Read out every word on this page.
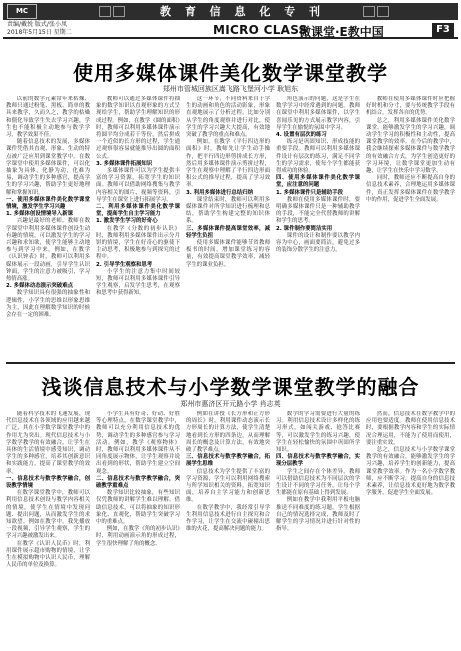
MC	教 育 信 息 化 专 刊
责编/戴悦 版式/张小凤
2018年5月15日 星期二	MICRO CLASS
微课堂·E教中国	F3
使用多媒体课件美化数学课堂教学
郑州市管城回族区嵩飞路飞堡河小学 耿旭东

以前的数学元素常年来枯燥、教师只通过粉笔、黑板、简单的教具来教学，久而久之，教学的枯燥和僵化导致学生失去学习兴趣，学生也不能积极主动地参与数学学习，教学效果不佳。

随着信息技术的发展，多媒体课件凭借其直观、形象、生动的特点被广泛应用到课堂教学中。在数学课堂中使用多媒体课件，可以化抽象为具体，化静为动，化难为易，调动学生的多种感官，提高学生的学习兴趣，帮助学生更好地理解和掌握知识。

一、使用多媒体课件美化数学课堂情境，激发学生学习兴趣

1. 多媒体创设情境导入新课

兴趣是最好的老师。教师在数学课堂中利用多媒体课件创设生动有趣的情境，可以激发学生的学习兴趣和求知欲，使学生能够主动地参与到学习中来。例如，在教学《认识钟表》时，教师可以利用多媒体展示一段动画，引导学生认识钟面，学生的注意力被吸引，学习热情高涨。

2. 多媒体动态演示突破难点

数学知识具有很强的抽象性和逻辑性，小学生的思维以形象思维为主，因此在理解数学知识的时候会存在一定的困难。

教师可以通过多媒体课件将抽象的数学知识以直观形象的方式呈现给学生，帮助学生理解知识的形成过程。例如，在教学《圆的面积》时，教师可以利用多媒体课件演示将圆平均分成若干等份，然后拼成一个近似的长方形的过程，学生通过观察很容易就能推导出圆的面积公式。

3. 多媒体课件拓展知识

多媒体课件可以为学生提供丰富的学习资源，拓宽学生的知识面。教师可以借助网络搜集与教学内容相关的图片、视频等资料，引导学生在课堂上进行拓展学习。

二、利用多媒体课件美化数学课堂，提高学生自主学习能力

1. 激发学生学习的好奇心

在教学《分数的初步认识》时，教师利用多媒体课件出示分月饼的情境，学生在好奇心的驱使下主动思考，积极地参与到探究的过程中。

2. 引导学生观察和思考

小学生的注意力集中时间较短，教师可以利用多媒体课件引导学生观察，启发学生思考，在观察和思考中获得新知。

这一环节，不同资料来自于学生的动画和角色的活动影象，形象直观地展示了分析过程，比如分别从学生的角度观察并进行对比，使学生的学习兴趣大大提高，有效地突破了教学的重点和难点。

例如，在教学《平行四边形的面积》时，教师先让学生动手操作，把平行四边形剪拼成长方形，然后用多媒体课件演示剪拼过程，学生在观察中理解了平行四边形面积公式的推导过程，提高了学习效率。

3. 利用多媒体进行总结归纳

课堂结束时，教师可以利用多媒体课件对所学知识进行梳理和总结，帮助学生构建完整的知识体系。

三、多媒体课件提高课堂效率，减轻学生负担

使用多媒体课件能够节省教师板书的时间，增加课堂练习的容量，有效提高课堂教学效率，减轻学生的课业负担。

角色演示的问题，这是学生在数学学习中经常遇到的问题。教师在课堂中利用多媒体课件，以学生喜闻乐见的方式展示教学内容，引导学生在愉悦的氛围中学习。

4. 设置有层次的练习

练习是巩固知识、形成技能的重要手段。教师可以利用多媒体课件设计有层次的练习，满足不同学生的学习需求，使每个学生都能获得成功的体验。

四、使用多媒体课件美化数学课堂，应注意的问题

1. 多媒体课件只是辅助手段

教师在使用多媒体课件时，要明确多媒体课件只是一种辅助教学的手段，不能完全代替教师的讲解和学生的思考。

2. 课件制作要简洁实用

课件的设计和制作要以教学内容为中心，画面要简洁，避免过多的装饰分散学生的注意力。

教师在使用多媒体课件时应把握好时机和分寸，要与传统教学手段有机结合，发挥各自的优势。

总之，利用多媒体课件美化数学课堂，能够激发学生的学习兴趣，调动学生学习的积极性和主动性，提高课堂教学的效率。在今后的教学中，我会继续探索多媒体课件与数学教学的有效融合方式，为学生创造更好的学习环境，让数学课堂更加生动有趣，让学生在快乐中学习数学。

同时，教师还应不断提高自身的信息技术素养，合理地运用多媒体课件，真正发挥多媒体课件在数学教学中的作用，促进学生全面发展。

浅谈信息技术与小学数学课堂教学的融合
郑州市惠济区开元路小学 肖志英

随着科学技术的飞速发展，现代信息技术在各领域的应用越来越广泛，其在小学数学课堂教学中的作用尤为突出。现代信息技术与小学数学教学的有效融合，让学生在具体的生活情境中感受知识，调动学生的多种感官，培养其创新意识和实践能力，提高了课堂教学的效率。

一、信息技术与数学教学融合，创设教学情境

在数学课堂教学中，教师可以利用信息技术创设与教学内容相关的情境，使学生在情境中发现问题、提出问题，从而激发学生的求知欲望。例如在教学中，我先播放一段视频，引导学生观察，学生的学习兴趣被激发出来。

在教学《认识人民币》时，利用课件展示超市购物的情境，让学生在模拟购物中认识人民币，理解人民币的单位及换算。

小学生具有好奇、好动、好胜等心理特点，在数学课堂教学中，教师可以充分利用信息技术的优势，调动学生的多种感官参与学习活动。例如，教学《观察物体》时，教师可以利用多媒体课件从不同角度展示物体，让学生观察并说出看到的形状，帮助学生建立空间观念。

二、信息技术与数学教学融合，突破教学重难点

数学知识比较抽象，有些知识仅凭教师的讲解学生难以理解。借助信息技术，可以将抽象的知识形象化、直观化，帮助学生突破学习中的重难点。

例如，在教学《角的初步认识》时，利用动画演示角的形成过程，学生很快理解了角的概念。

例如在讲授《长方形和正方形的周长》时，利用课件动态演示长方形周长的计算方法，使学生清楚地看到长方形的四条边，从而理解周长的概念及计算方法，有效地突破了教学难点。

三、信息技术与数学教学融合，拓展学生思维

信息技术为学生提供了丰富的学习资源，学生可以利用网络搜索与所学知识相关的资料，拓宽知识面，培养自主学习能力和创新思维。

在数学教学中，我经常引导学生利用信息技术进行自主探究和合作学习，让学生在交流中碰撞出思维的火花，提高解决问题的能力。

数学的学习需要进行大量的练习。利用信息技术设计多样化的练习形式，如闯关游戏、抢答比赛等，可以激发学生的练习兴趣，使学生在轻松愉快的氛围中巩固所学知识。

四、信息技术与数学教学融合，实现分层教学

学生之间存在个体差异，教师可以借助信息技术为不同层次的学生设计不同的学习任务，让每个学生都能在原有基础上得到发展。

例如在教学中我利用平板电脑推送不同难度的练习题，学生根据自己的情况选择完成，教师及时了解学生的学习情况并进行针对性的指导。

然而，信息技术在数学教学中的应用也要适度。教师在使用信息技术时，要根据教学内容和学生的实际情况合理运用，不能为了使用而使用，要注重实效。

总之，信息技术与小学数学课堂教学的有效融合，能够激发学生的学习兴趣，培养学生的创新能力，提高课堂教学效率。作为一名小学数学教师，应不断学习，提高自身的信息技术素养，让信息技术更好地为数学教学服务，促进学生全面发展。
